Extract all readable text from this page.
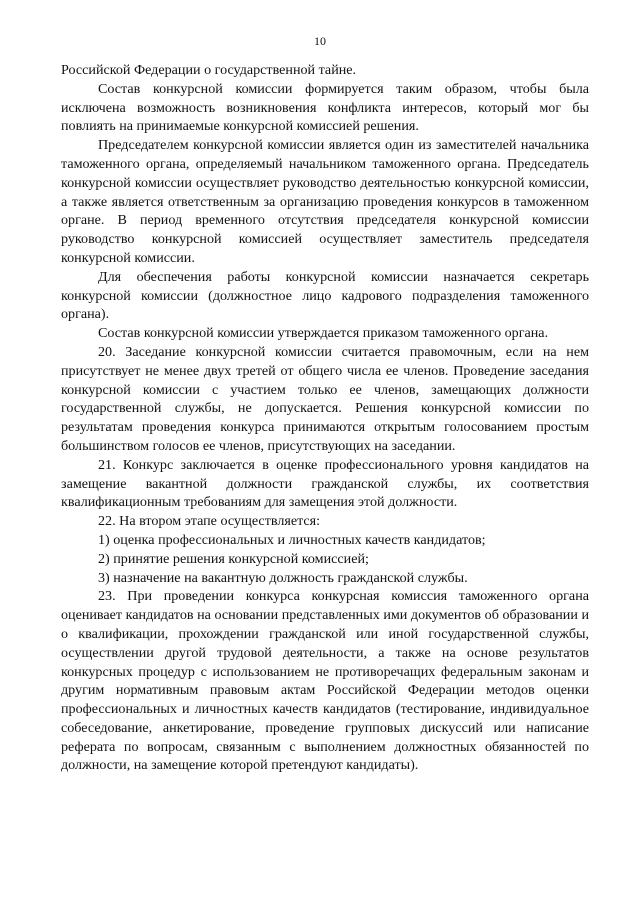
10

Российской Федерации о государственной тайне.

Состав конкурсной комиссии формируется таким образом, чтобы была исключена возможность возникновения конфликта интересов, который мог бы повлиять на принимаемые конкурсной комиссией решения.

Председателем конкурсной комиссии является один из заместителей начальника таможенного органа, определяемый начальником таможенного органа. Председатель конкурсной комиссии осуществляет руководство деятельностью конкурсной комиссии, а также является ответственным за организацию проведения конкурсов в таможенном органе. В период временного отсутствия председателя конкурсной комиссии руководство конкурсной комиссией осуществляет заместитель председателя конкурсной комиссии.

Для обеспечения работы конкурсной комиссии назначается секретарь конкурсной комиссии (должностное лицо кадрового подразделения таможенного органа).

Состав конкурсной комиссии утверждается приказом таможенного органа.

20. Заседание конкурсной комиссии считается правомочным, если на нем присутствует не менее двух третей от общего числа ее членов. Проведение заседания конкурсной комиссии с участием только ее членов, замещающих должности государственной службы, не допускается. Решения конкурсной комиссии по результатам проведения конкурса принимаются открытым голосованием простым большинством голосов ее членов, присутствующих на заседании.

21. Конкурс заключается в оценке профессионального уровня кандидатов на замещение вакантной должности гражданской службы, их соответствия квалификационным требованиям для замещения этой должности.

22. На втором этапе осуществляется:

1) оценка профессиональных и личностных качеств кандидатов;

2) принятие решения конкурсной комиссией;

3) назначение на вакантную должность гражданской службы.

23. При проведении конкурса конкурсная комиссия таможенного органа оценивает кандидатов на основании представленных ими документов об образовании и о квалификации, прохождении гражданской или иной государственной службы, осуществлении другой трудовой деятельности, а также на основе результатов конкурсных процедур с использованием не противоречащих федеральным законам и другим нормативным правовым актам Российской Федерации методов оценки профессиональных и личностных качеств кандидатов (тестирование, индивидуальное собеседование, анкетирование, проведение групповых дискуссий или написание реферата по вопросам, связанным с выполнением должностных обязанностей по должности, на замещение которой претендуют кандидаты).
